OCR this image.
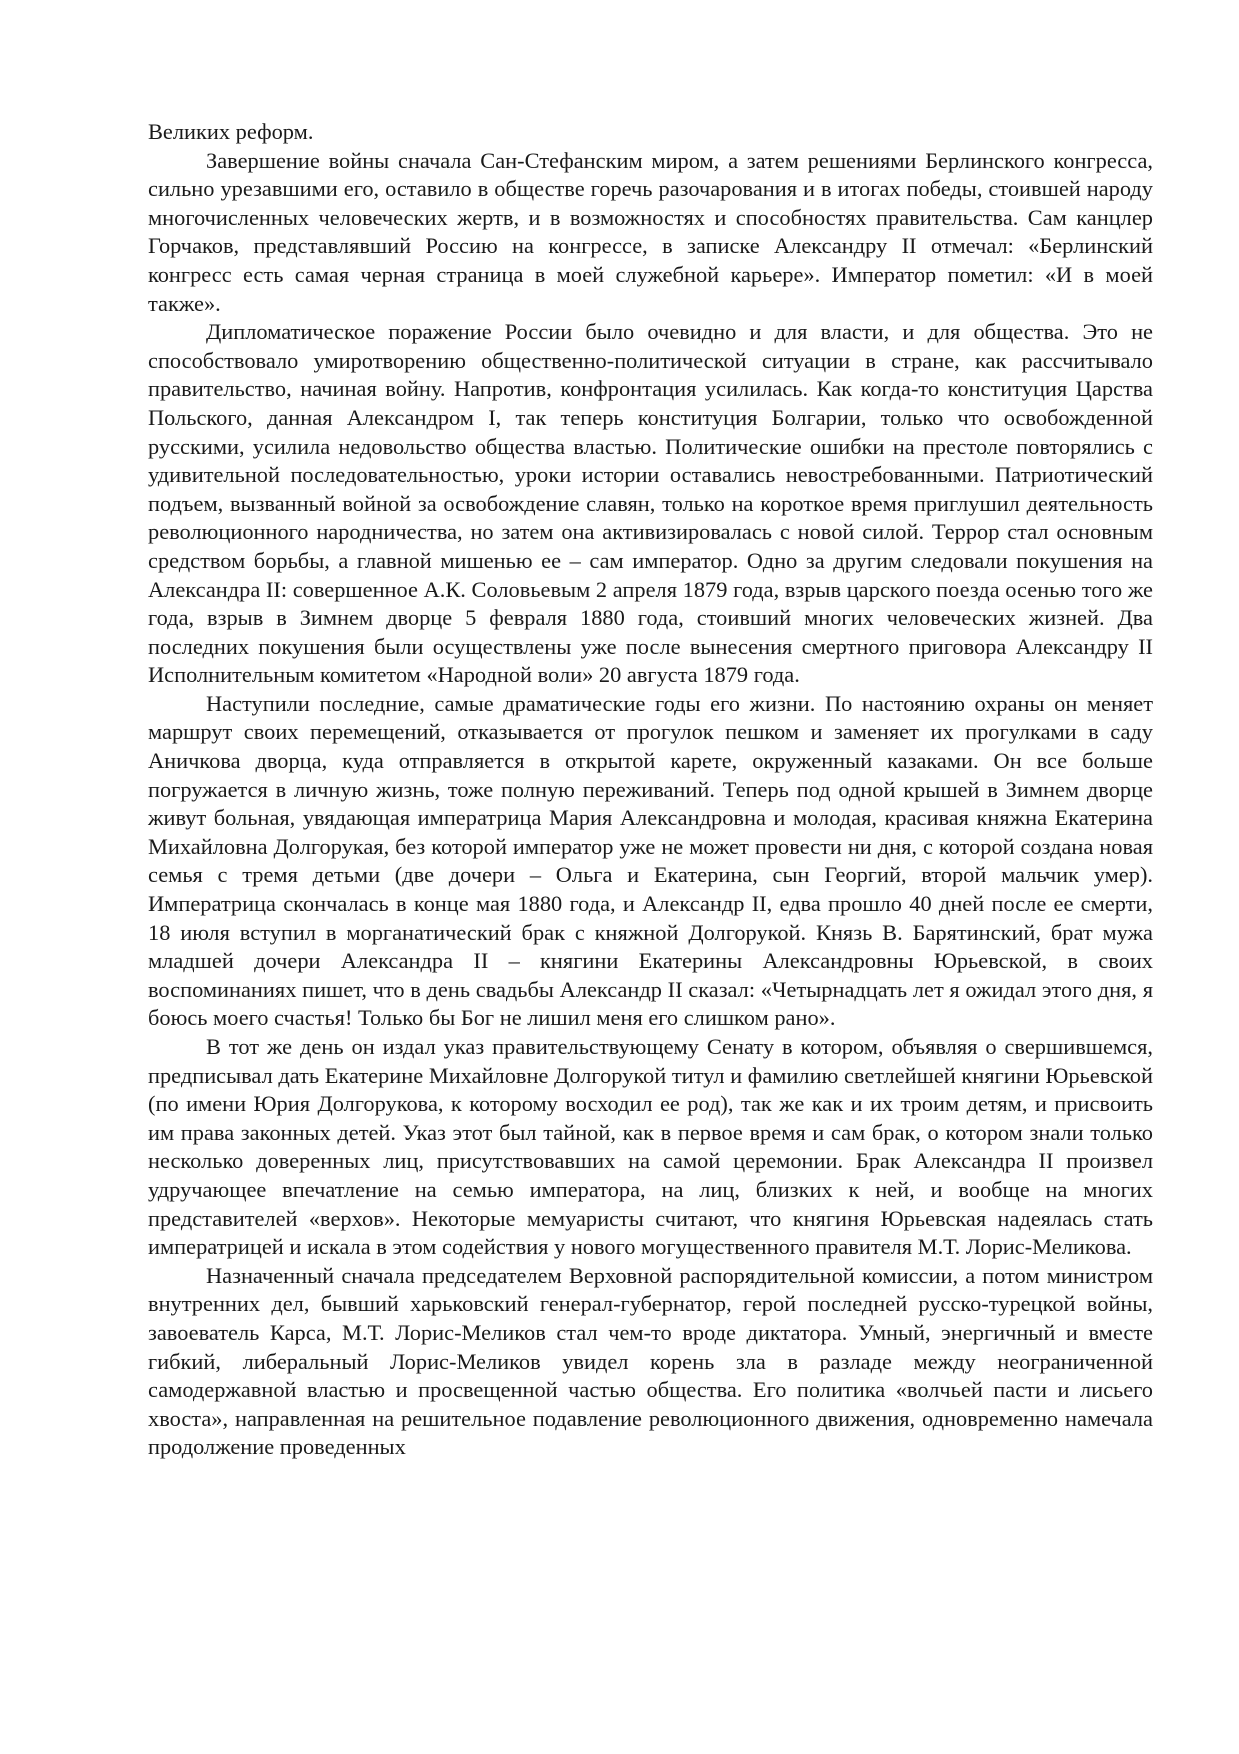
Великих реформ.

Завершение войны сначала Сан-Стефанским миром, а затем решениями Берлинского конгресса, сильно урезавшими его, оставило в обществе горечь разочарования и в итогах победы, стоившей народу многочисленных человеческих жертв, и в возможностях и способностях правительства. Сам канцлер Горчаков, представлявший Россию на конгрессе, в записке Александру II отмечал: «Берлинский конгресс есть самая черная страница в моей служебной карьере». Император пометил: «И в моей также».

Дипломатическое поражение России было очевидно и для власти, и для общества. Это не способствовало умиротворению общественно-политической ситуации в стране, как рассчитывало правительство, начиная войну. Напротив, конфронтация усилилась. Как когда-то конституция Царства Польского, данная Александром I, так теперь конституция Болгарии, только что освобожденной русскими, усилила недовольство общества властью. Политические ошибки на престоле повторялись с удивительной последовательностью, уроки истории оставались невостребованными. Патриотический подъем, вызванный войной за освобождение славян, только на короткое время приглушил деятельность революционного народничества, но затем она активизировалась с новой силой. Террор стал основным средством борьбы, а главной мишенью ее – сам император. Одно за другим следовали покушения на Александра II: совершенное А.К. Соловьевым 2 апреля 1879 года, взрыв царского поезда осенью того же года, взрыв в Зимнем дворце 5 февраля 1880 года, стоивший многих человеческих жизней. Два последних покушения были осуществлены уже после вынесения смертного приговора Александру II Исполнительным комитетом «Народной воли» 20 августа 1879 года.

Наступили последние, самые драматические годы его жизни. По настоянию охраны он меняет маршрут своих перемещений, отказывается от прогулок пешком и заменяет их прогулками в саду Аничкова дворца, куда отправляется в открытой карете, окруженный казаками. Он все больше погружается в личную жизнь, тоже полную переживаний. Теперь под одной крышей в Зимнем дворце живут больная, увядающая императрица Мария Александровна и молодая, красивая княжна Екатерина Михайловна Долгорукая, без которой император уже не может провести ни дня, с которой создана новая семья с тремя детьми (две дочери – Ольга и Екатерина, сын Георгий, второй мальчик умер). Императрица скончалась в конце мая 1880 года, и Александр II, едва прошло 40 дней после ее смерти, 18 июля вступил в морганатический брак с княжной Долгорукой. Князь В. Барятинский, брат мужа младшей дочери Александра II – княгини Екатерины Александровны Юрьевской, в своих воспоминаниях пишет, что в день свадьбы Александр II сказал: «Четырнадцать лет я ожидал этого дня, я боюсь моего счастья! Только бы Бог не лишил меня его слишком рано».

В тот же день он издал указ правительствующему Сенату в котором, объявляя о свершившемся, предписывал дать Екатерине Михайловне Долгорукой титул и фамилию светлейшей княгини Юрьевской (по имени Юрия Долгорукова, к которому восходил ее род), так же как и их троим детям, и присвоить им права законных детей. Указ этот был тайной, как в первое время и сам брак, о котором знали только несколько доверенных лиц, присутствовавших на самой церемонии. Брак Александра II произвел удручающее впечатление на семью императора, на лиц, близких к ней, и вообще на многих представителей «верхов». Некоторые мемуаристы считают, что княгиня Юрьевская надеялась стать императрицей и искала в этом содействия у нового могущественного правителя М.Т. Лорис-Меликова.

Назначенный сначала председателем Верховной распорядительной комиссии, а потом министром внутренних дел, бывший харьковский генерал-губернатор, герой последней русско-турецкой войны, завоеватель Карса, М.Т. Лорис-Меликов стал чем-то вроде диктатора. Умный, энергичный и вместе гибкий, либеральный Лорис-Меликов увидел корень зла в разладе между неограниченной самодержавной властью и просвещенной частью общества. Его политика «волчьей пасти и лисьего хвоста», направленная на решительное подавление революционного движения, одновременно намечала продолжение проведенных
